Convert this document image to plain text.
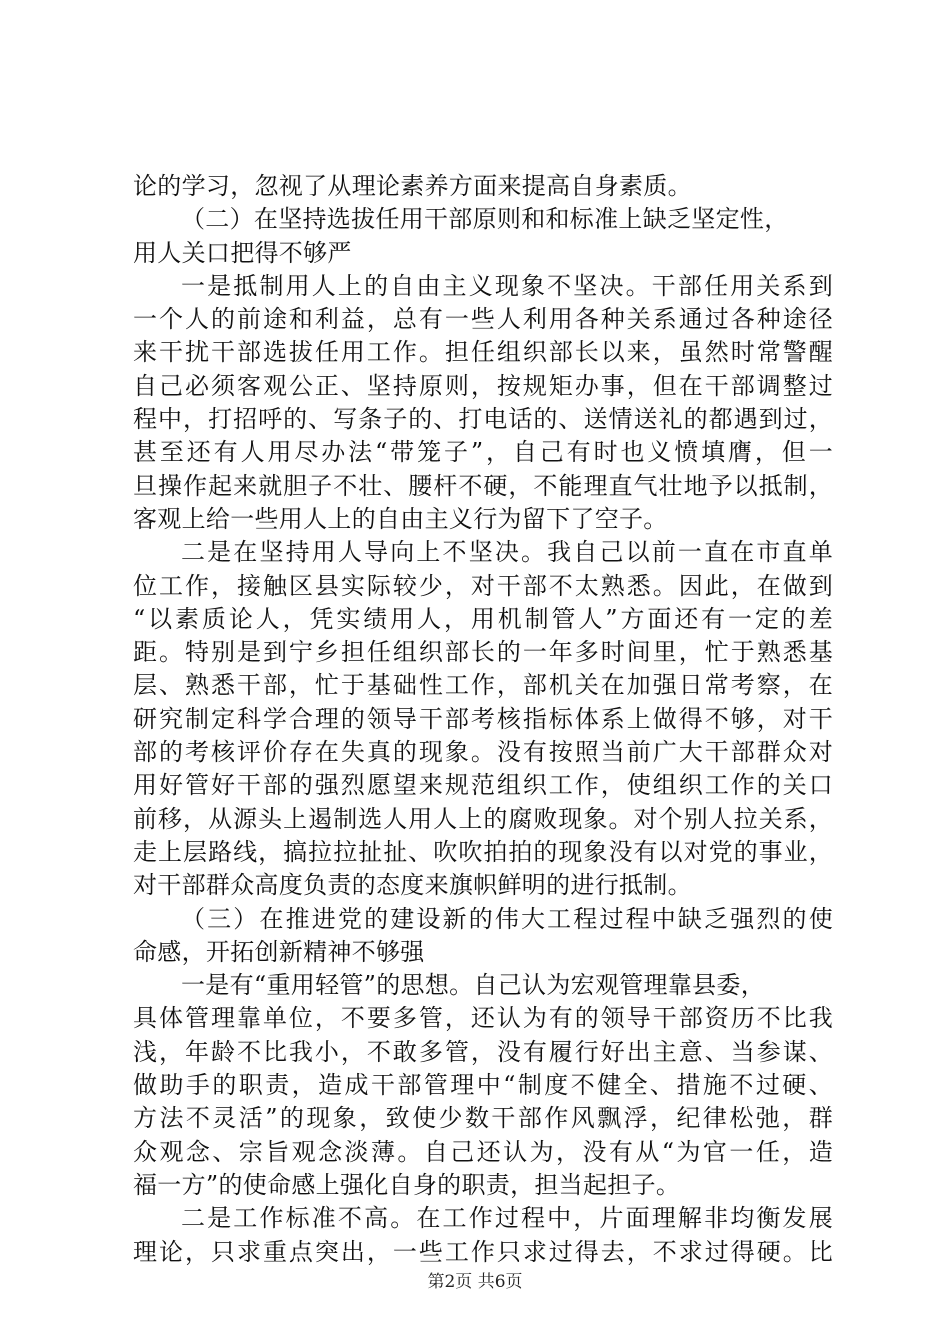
论的学习，忽视了从理论素养方面来提高自身素质。
（二）在坚持选拔任用干部原则和和标准上缺乏坚定性，
用人关口把得不够严
一是抵制用人上的自由主义现象不坚决。干部任用关系到
一个人的前途和利益，总有一些人利用各种关系通过各种途径
来干扰干部选拔任用工作。担任组织部长以来，虽然时常警醒
自己必须客观公正、坚持原则，按规矩办事，但在干部调整过
程中，打招呼的、写条子的、打电话的、送情送礼的都遇到过，
甚至还有人用尽办法“带笼子”，自己有时也义愤填膺，但一
旦操作起来就胆子不壮、腰杆不硬，不能理直气壮地予以抵制，
客观上给一些用人上的自由主义行为留下了空子。
二是在坚持用人导向上不坚决。我自己以前一直在市直单
位工作，接触区县实际较少，对干部不太熟悉。因此，在做到
“以素质论人，凭实绩用人，用机制管人”方面还有一定的差
距。特别是到宁乡担任组织部长的一年多时间里，忙于熟悉基
层、熟悉干部，忙于基础性工作，部机关在加强日常考察，在
研究制定科学合理的领导干部考核指标体系上做得不够，对干
部的考核评价存在失真的现象。没有按照当前广大干部群众对
用好管好干部的强烈愿望来规范组织工作，使组织工作的关口
前移，从源头上遏制选人用人上的腐败现象。对个别人拉关系，
走上层路线，搞拉拉扯扯、吹吹拍拍的现象没有以对党的事业，
对干部群众高度负责的态度来旗帜鲜明的进行抵制。
（三）在推进党的建设新的伟大工程过程中缺乏强烈的使
命感，开拓创新精神不够强
一是有“重用轻管”的思想。自己认为宏观管理靠县委，
具体管理靠单位，不要多管，还认为有的领导干部资历不比我
浅，年龄不比我小，不敢多管，没有履行好出主意、当参谋、
做助手的职责，造成干部管理中“制度不健全、措施不过硬、
方法不灵活”的现象，致使少数干部作风飘浮，纪律松弛，群
众观念、宗旨观念淡薄。自己还认为，没有从“为官一任，造
福一方”的使命感上强化自身的职责，担当起担子。
二是工作标准不高。在工作过程中，片面理解非均衡发展
理论，只求重点突出，一些工作只求过得去，不求过得硬。比
第2页 共6页
